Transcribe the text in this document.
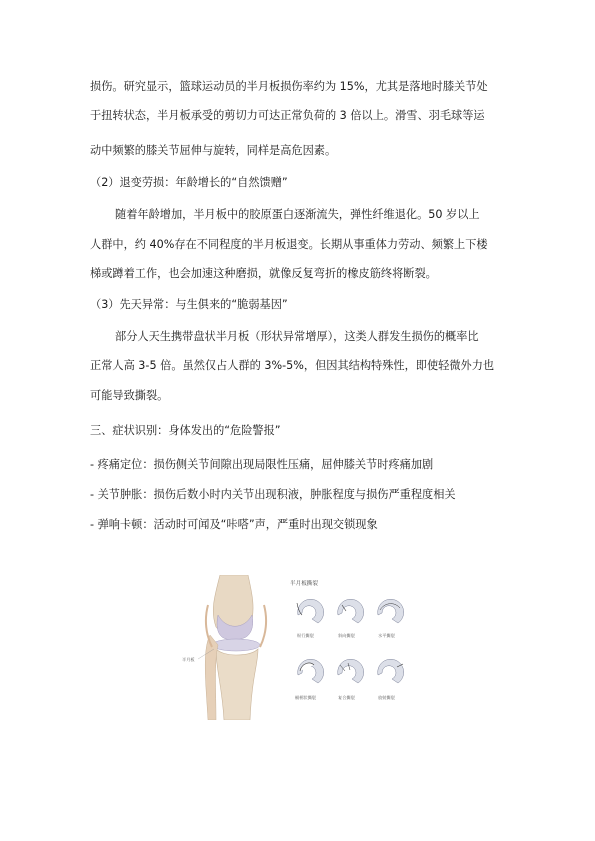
损伤。研究显示，篮球运动员的半月板损伤率约为 15%，尤其是落地时膝关节处
于扭转状态，半月板承受的剪切力可达正常负荷的 3 倍以上。滑雪、羽毛球等运
动中频繁的膝关节屈伸与旋转，同样是高危因素。
（2）退变劳损：年龄增长的“自然馈赠”
随着年龄增加，半月板中的胶原蛋白逐渐流失，弹性纤维退化。50 岁以上
人群中，约 40%存在不同程度的半月板退变。长期从事重体力劳动、频繁上下楼
梯或蹲着工作，也会加速这种磨损，就像反复弯折的橡皮筋终将断裂。
（3）先天异常：与生俱来的“脆弱基因”
部分人天生携带盘状半月板（形状异常增厚），这类人群发生损伤的概率比
正常人高 3-5 倍。虽然仅占人群的 3%-5%，但因其结构特殊性，即使轻微外力也
可能导致撕裂。
三、症状识别：身体发出的“危险警报”
- 疼痛定位：损伤侧关节间隙出现局限性压痛，屈伸膝关节时疼痛加剧
- 关节肿胀：损伤后数小时内关节出现积液，肿胀程度与损伤严重程度相关
- 弹响卡顿：活动时可闻及“咔嗒”声，严重时出现交锁现象
半月板
半月板撕裂
纵行撕裂	斜向撕裂	水平撕裂
桶柄状撕裂	复合撕裂	放射撕裂
